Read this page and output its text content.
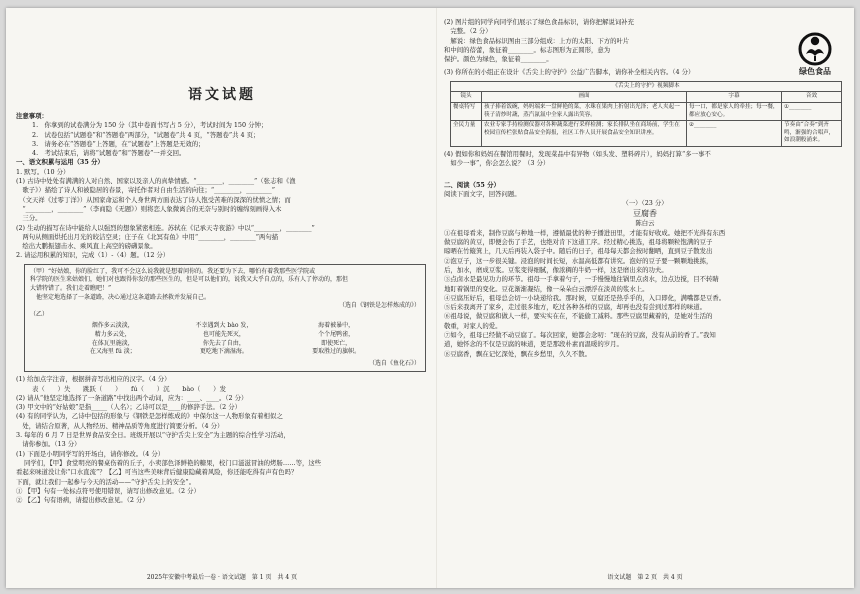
语文试题

注意事项：

1.　你拿到的试卷满分为 150 分（其中卷面书写占 5 分），考试时间为 150 分钟；

2.　试卷包括“试题卷”和“答题卷”两部分，“试题卷”共 4 页，“答题卷”共 4 页；

3.　请务必在“答题卷”上答题，在“试题卷”上答题是无效的；

4.　考试结束后，请将“试题卷”和“答题卷”一并交回。

一、语文积累与运用（35 分）

1. 默写。（10 分）

(1) 古诗中处处有满满的人对自然、国家以及亲人的真挚情感。“________，________”（张志和《渔

　歌子》）描绘了诗人和被隐居的春景，寄托作者对自由生活的向往；“________，________”

　（文天祥《过零丁洋》）从国家命运和个人身世两方面表达了诗人饱受苦难的深深的忧愤之情；而

　“________，________”（李商隐《无题》）则将恋人象微离合的无奈与别时的缠绵刻画得入木

　三分。

(2) 生动的描写在诗中能给人以强烈的想象紧密相连。苏轼在《记承天寺夜游》中以“________，________”

　两句从侧面烘托出月光的皎洁空灵；庄子在《北冥有鱼》中用“________，________”两句描

　绘出大鹏振翅击水、乘风直上高空的磅礴景象。

2. 请运用积累的知识，完成（1）-（4）题。（12 分）

（甲）“好姑娘，你的脸红了，我可不会这么说我就是想着问你的。我还要为下去，哪怕有着我那些医学院或

科学院的医生来姑娘们，她们对也跟得你发的那些医生的，但是可以他们的，说我又大乎自点的，乐有人了停动的，那但

大错特错了。我们走着瞧吧！”

　他坚定地选择了一条道路，决心通过这条道路去拯救并发展自己。

（选自《钢铁是怎样炼成的》）

（乙）

烟作多云淡淡，
精力多云处，
在体瓦里施淡，
在又海里 fú 淡；
不幸遇到大 bào 发，
也可能先死灭，
你先去了自由，
更吃地下滴湿海。
海着被暴中，
个个尾鸭雀，
即使死亡，
要取胜过的旗帜。

（选自《鱼化石》）

(1) 给加点字注音，根据拼音写出相应的汉字。（4 分）

表（　　）失　　跳跃（　　）　　fú（　　）沉　　bào（　　）发

(2) 请从“他坚定地选择了一条道路”中找出两个动词，应为：____、____。（2 分）

(3) 甲文中的“好姑娘”是指_____（人名）；乙诗可以是____的修辞手法。（2 分）

(4) 有的同学认为，乙诗中包括的形象与《钢铁是怎样炼成的》中保尔这一人物形象有着相似之

　处，请结合原著，从人物经历、精神品质等角度进行简要分析。（4 分）

3. 每年的 6 月 7 日是世界食品安全日。班级开展以“守护舌尖上安全”为主题的综合性学习活动，

　请你参加。（13 分）

(1) 下面是小明同学写的开场白，请你修改。（4 分）

同学们，【甲】食堂明亮的餐桌伤着的丘子，小卖部色泽鲜艳的糖果，校门口滋滋冒油的烤肠……等，这些

看起来味道没让你“口水直流”？【乙】可当这些美味背后健康隐藏着风险，你还能吃得有声有色吗？

下面，就让我们一起参与今天的活动——“守护舌尖上的安全”。

① 【甲】句有一处标点符号使用错误，请写出修改意见。（2 分）

② 【乙】句有语病，请提出修改意见。（2 分）

2025年安徽中考最后一卷 · 语文试题　第 1 页　共 4 页

(2) 图片组的同学向同学们展示了绿色食品标识，请你把解说词补充

　完整。（2 分）

　解说：绿色食品标识图由三部分组成：上方的太阳、下方的叶片

和中间的蓓蕾，象征着________。标志图形为正圆形，意为

保护。颜色为绿色，象征着________。

绿色食品

(3) 你所在的小组正在设计《舌尖上的守护》公益广告脚本，请你补全相关内容。（4 分）

《舌尖上的守护》视频脚本			
镜头	画面	字幕	音效
餐桌特写	孩子捧着饭碗，妈妈端来一盘鲜艳的菜，水珠在果肉上折射出光泽；老人夹起一筷子清炒时蔬，蒸汽氤氲中全家人露出笑容。	每一口，都是家人的牵挂；每一餐，都应放心安心。	①________
全民力量	农业专家手持检测仪器对各种蔬菜进行采样检测；家长排队坐在商场前，学生在校园宣传栏张贴食品安全海报，社区工作人员开展食品安全知识讲座。	②________	节奏由“合奏”到齐鸣，渐强的合唱声，如浪潮般涌来。

(4) 假如你和妈妈在餐馆用餐时，发现菜品中有异物（如头发、塑料碎片），妈妈打算“多一事不

　如少一事”，你会怎么说？（3 分）

二、阅读（55 分）

阅读下面文字，回答问题。

（一）（23 分）

豆腐香

陈白云

①在祖母看来，制作豆腐与种地一样，遵循最优的种子播进田里，才能有好收成。她把不光得有东西

做豆腐的黄豆，即便会伤了手艺，也绝对肯下这道工序。经过精心挑选，祖母将颗粒饱满的豆子

晾晒在竹簸箕上，几天后再装入袋子中。随后的日子，祖母每天都会按时翻晒，直到豆子散发出

②泡豆子，这一步很关键。浸泡的时间长短，水温高低都有讲究。泡好的豆子要一颗颗地挑拣，

后，加水，磨成豆浆。豆浆变得细腻，像浓稠的牛奶一样，这是磨出来的功夫。

③点卤水是最见功力的环节。祖母一手拿着勺子，一手慢慢地往锅里点卤水，边点边搅，目不转睛

地盯着锅里的变化。豆花渐渐凝结，像一朵朵白云漂浮在淡黄的浆水上。

④豆腐压好后，祖母总会切一小块递给我。那时候，豆腐还是热乎乎的，入口即化，满嘴都是豆香。

⑤后来我离开了家乡，走过很多地方，吃过各种各样的豆腐，却再也没有尝到过那样的味道。

⑥祖母说，做豆腐和做人一样，要实实在在，不能偷工减料。那些豆腐里藏着的，是她对生活的

敬重，对家人的爱。

⑦如今，祖母已经做不动豆腐了。每次回家，她都会念叨：“现在的豆腐，没有从前的香了。”我知

道，她怀念的不仅是豆腐的味道，更是那段朴素而温暖的岁月。

⑧豆腐香，飘在记忆深处，飘在乡愁里，久久不散。

语文试题　第 2 页　共 4 页
